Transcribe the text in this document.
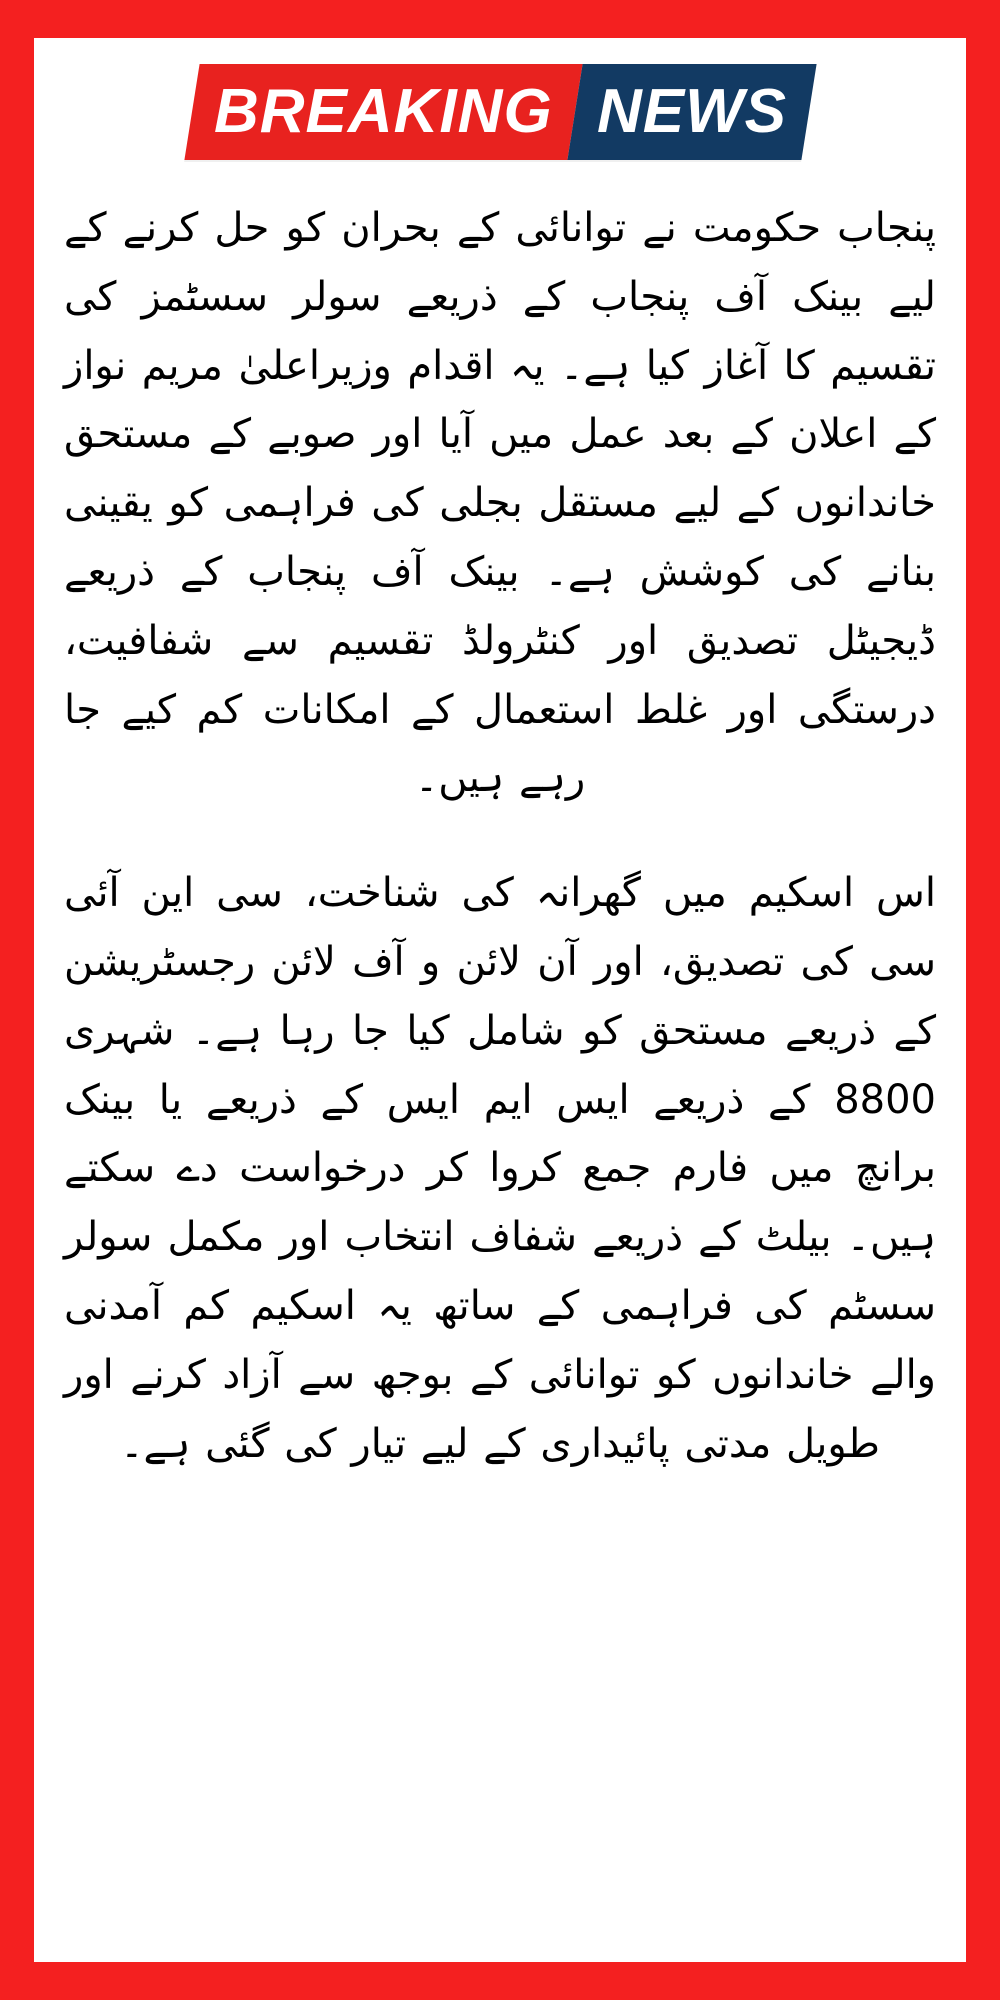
BREAKING NEWS

پنجاب حکومت نے توانائی کے بحران کو حل کرنے کے لیے بینک آف پنجاب کے ذریعے سولر سسٹمز کی تقسیم کا آغاز کیا ہے۔ یہ اقدام وزیراعلیٰ مریم نواز کے اعلان کے بعد عمل میں آیا اور صوبے کے مستحق خاندانوں کے لیے مستقل بجلی کی فراہمی کو یقینی بنانے کی کوشش ہے۔ بینک آف پنجاب کے ذریعے ڈیجیٹل تصدیق اور کنٹرولڈ تقسیم سے شفافیت، درستگی اور غلط استعمال کے امکانات کم کیے جا رہے ہیں۔

اس اسکیم میں گھرانہ کی شناخت، سی این آئی سی کی تصدیق، اور آن لائن و آف لائن رجسٹریشن کے ذریعے مستحق کو شامل کیا جا رہا ہے۔ شہری 8800 کے ذریعے ایس ایم ایس کے ذریعے یا بینک برانچ میں فارم جمع کروا کر درخواست دے سکتے ہیں۔ بیلٹ کے ذریعے شفاف انتخاب اور مکمل سولر سسٹم کی فراہمی کے ساتھ یہ اسکیم کم آمدنی والے خاندانوں کو توانائی کے بوجھ سے آزاد کرنے اور طویل مدتی پائیداری کے لیے تیار کی گئی ہے۔
